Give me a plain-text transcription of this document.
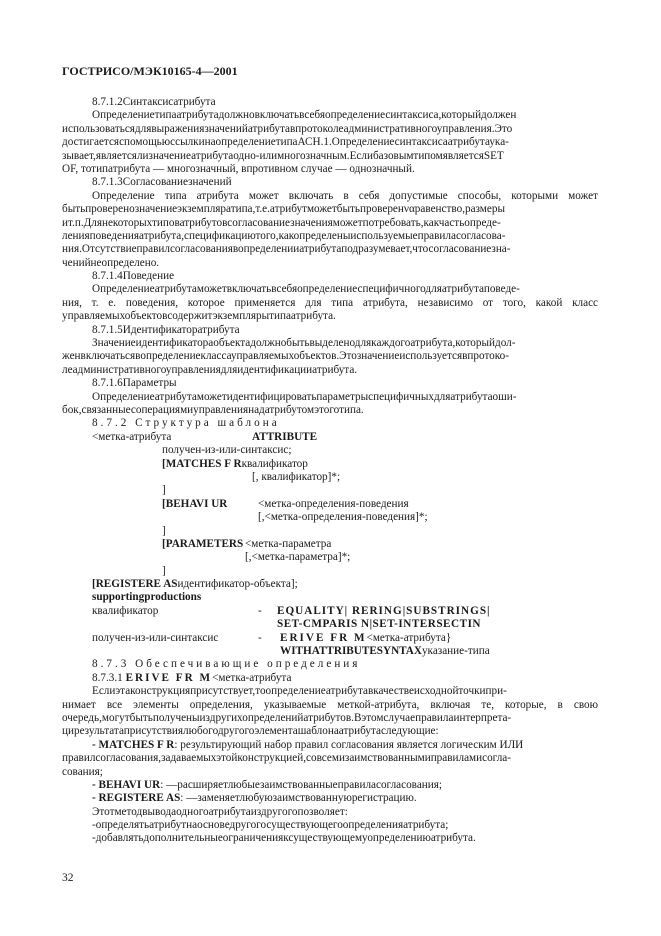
ГОСТРИСО/МЭК10165-4—2001
8.7.1.2Синтаксисатрибута
Определениетипаатрибутадолжновключатьвсебяопределениесинтаксиса,которыйдолжен
использоватьсядлявыражениязначенийатрибутавпротоколеадминистративногоуправления.Это
достигаетсяспомощьюссылкинаопределениетипаАСН.1.Определениесинтаксисаатрибутаука-
зывает,являетсялизначениеатрибутаодно-илимногозначным.ЕслибазовымтипомявляетсяSET
OF, тотипатрибута — многозначный, впротивном случае — однозначный.
8.7.1.3Согласованиезначений
Определение типа атрибута может включать в себя допустимые способы, которыми может
бытьпроверенозначениеэкземпляратипа,т.е.атрибутможетбытьпроверенναравенство,размеры
ит.п.Длянекоторыхтиповатрибутовсогласованиезначенияможетпотребовать,какчастьопреде-
ленияповеденияатрибута,спецификациютого,какопределеныиспользуемыеправиласогласова-
ния.Отсутствиеправилсогласованиявопределенииатрибутаподразумевает,чтосогласованиезна-
ченийнеопределено.
8.7.1.4Поведение
Определениеатрибутаможетвключатьвсебяопределениеспецифичногодляатрибутаповеде-
ния, т. е. поведения, которое применяется для типа атрибута, независимо от того, какой класс
управляемыхобъектовсодержитэкземплярытипаатрибута.
8.7.1.5Идентификатоpатрибута
Значениеидентификатораобъектадолжнобытьвыделенодлякаждогоатрибута,которыйдол-
женвключатьсявопределениеклассауправляемыхобъектов.Этозначениеиспользуетсявпротоко-
леадминистративногоуправлениядляидентификацииатрибута.
8.7.1.6Параметры
Определениеатрибутаможетидентифицироватьпараметрыспецифичныхдляатрибутаоши-
бок,связанныесоперациямиуправлениянадатрибутомэтоготипа.
8.7.2 Структура шаблона
<метка-атрибута	ATTRIBUTE
получен-из-или-синтаксис;
[MATCHES F Rквалификатор
[, квалификатор]*;
]
[BEHAVI UR	<метка-определения-поведения
[,<метка-определения-поведения]*;
]
[PARAMETERS <метка-параметра
[,<метка-параметра]*;
]
[REGISTERE ASидентификатор-объекта];
supportingproductions
квалификатор	- EQUALITY| RERING|SUBSTRINGS|
SET-CMPARIS N|SET-INTERSECTIN
получен-из-или-синтаксис	- ERIVE FR M<метка-атрибута}
WITHATTRIBUTESYNTAXуказание-типа
8.7.3 Обеспечивающие определения
8.7.3.1 ERIVE FR M<метка-атрибута
Еслиэтаконструкцияприсутствует,тоопределениеатрибутавкачествеисходнойточкипри-
нимает все элементы определения, указываемые меткой-атрибута, включая те, которые, в свою
очередь,могутбытьполученыиздругихопределенийатрибутов.Вэтомслучаеправилаинтерпрета-
цирезультатаприсутствиялюбогодругогоэлементашаблонаатрибутаследующие:
- MATCHES F R: результирующий набор правил согласования является логическим ИЛИ
правилсогласования,задаваемыхэтойконструкцией,совсемизаимствованнымиправиламисогла-
сования;
- BEHAVI UR: —расширяетлюбыезаимствованныеправиласогласования;
- REGISTERE AS: —заменяетлюбуюзаимствованнуюрегистрацию.
Этотметодвыводаодногоатрибутаиздругогопозволяет:
-определятьатрибутнаосноведругогосуществующегоопределенияатрибута;
-добавлятьдополнительныеограниченияксуществующемуопределениюатрибута.
32
